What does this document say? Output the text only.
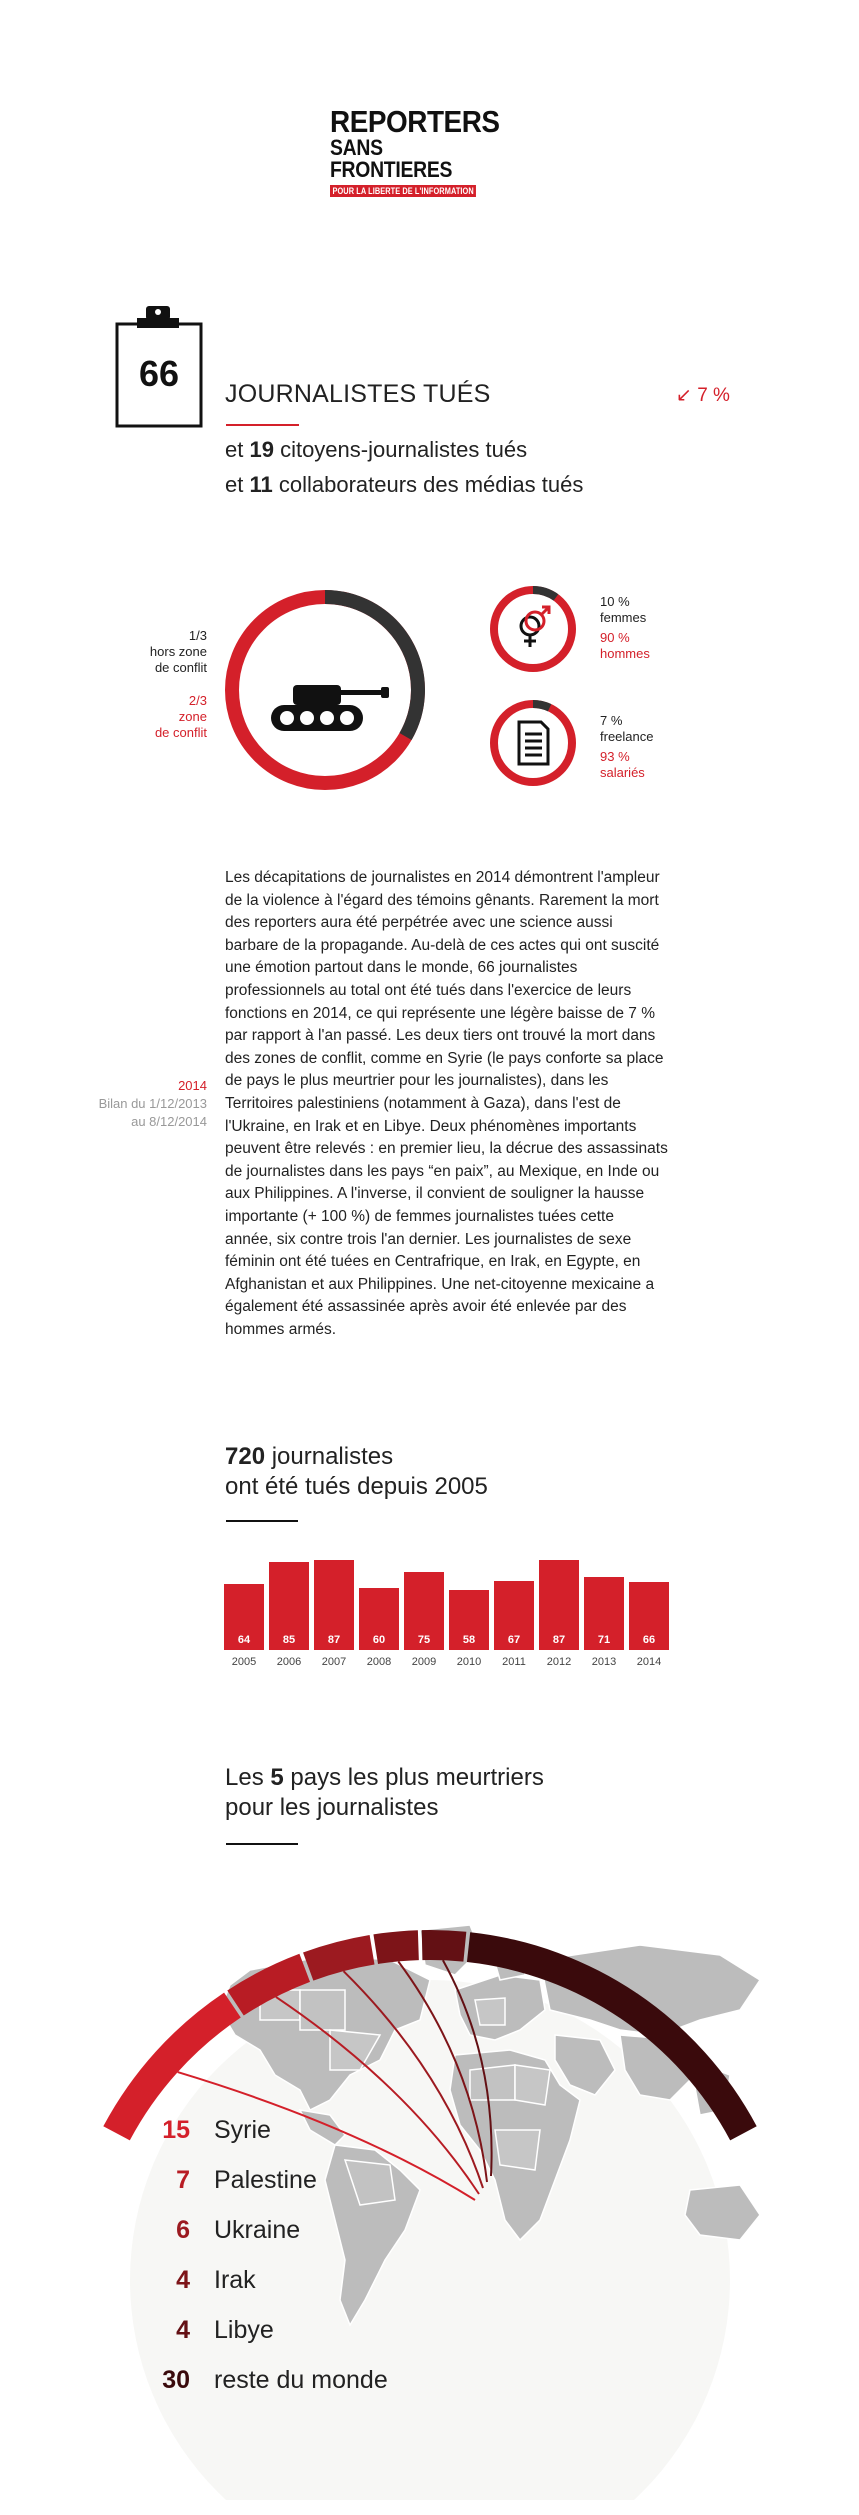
REPORTERS
SANS FRONTIERES
POUR LA LIBERTE DE L'INFORMATION
66	JOURNALISTES TUÉS	↙ 7 %
et 19 citoyens-journalistes tués
et 11 collaborateurs des médias tués
1/3
hors zone
de conflit
2/3
zone
de conflit
10 %
femmes
90 %
hommes
7 %
freelance
93 %
salariés
2014
Bilan du 1/12/2013
au 8/12/2014
Les décapitations de journalistes en 2014 démontrent l'ampleur
de la violence à l'égard des témoins gênants. Rarement la mort
des reporters aura été perpétrée avec une science aussi
barbare de la propagande. Au-delà de ces actes qui ont suscité
une émotion partout dans le monde, 66 journalistes
professionnels au total ont été tués dans l'exercice de leurs
fonctions en 2014, ce qui représente une légère baisse de 7 %
par rapport à l'an passé. Les deux tiers ont trouvé la mort dans
des zones de conflit, comme en Syrie (le pays conforte sa place
de pays le plus meurtrier pour les journalistes), dans les
Territoires palestiniens (notamment à Gaza), dans l'est de
l'Ukraine, en Irak et en Libye. Deux phénomènes importants
peuvent être relevés : en premier lieu, la décrue des assassinats
de journalistes dans les pays “en paix”, au Mexique, en Inde ou
aux Philippines. A l'inverse, il convient de souligner la hausse
importante (+ 100 %) de femmes journalistes tuées cette
année, six contre trois l'an dernier. Les journalistes de sexe
féminin ont été tuées en Centrafrique, en Irak, en Egypte, en
Afghanistan et aux Philippines. Une net-citoyenne mexicaine a
également été assassinée après avoir été enlevée par des
hommes armés.
720 journalistes
ont été tués depuis 2005
64
2005
85
2006
87
2007
60
2008
75
2009
58
2010
67
2011
87
2012
71
2013
66
2014
Les 5 pays les plus meurtriers
pour les journalistes
15 Syrie
7 Palestine
6 Ukraine
4 Irak
4 Libye
30 reste du monde
